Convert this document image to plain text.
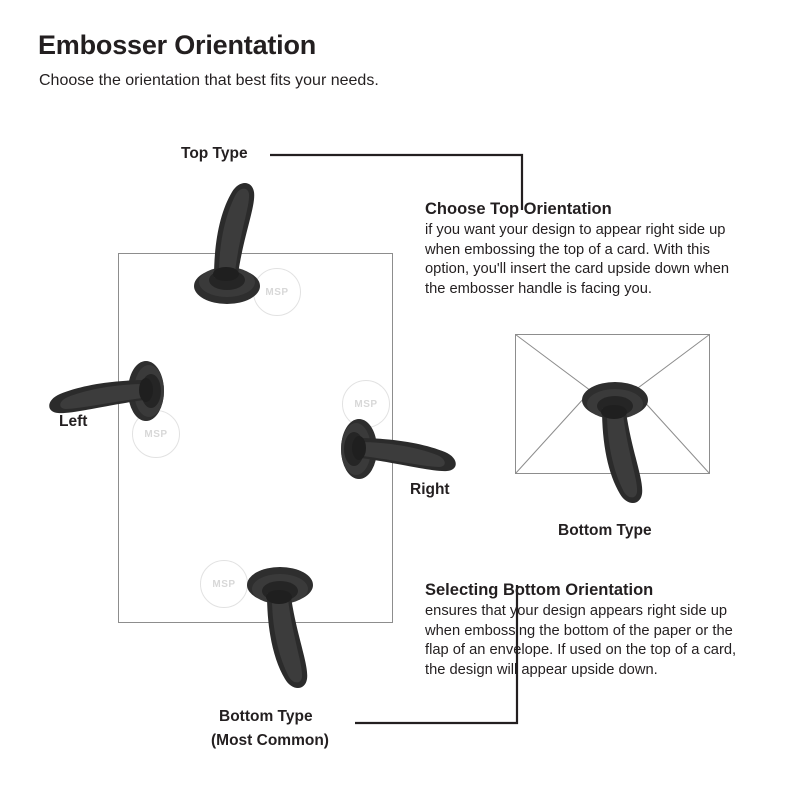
Embosser Orientation
Choose the orientation that best fits your needs.
MSP
MSP
MSP
MSP
Top Type
Left
Right
Bottom Type
(Most Common)
Bottom Type
Choose Top Orientation
if you want your design to appear right side up when embossing the top of a card. With this option, you'll insert the card upside down when the embosser handle is facing you.
Selecting Bottom Orientation
ensures that your design appears right side up when embossing the bottom of the paper or the flap of an envelope. If used on the top of a card, the design will appear upside down.
